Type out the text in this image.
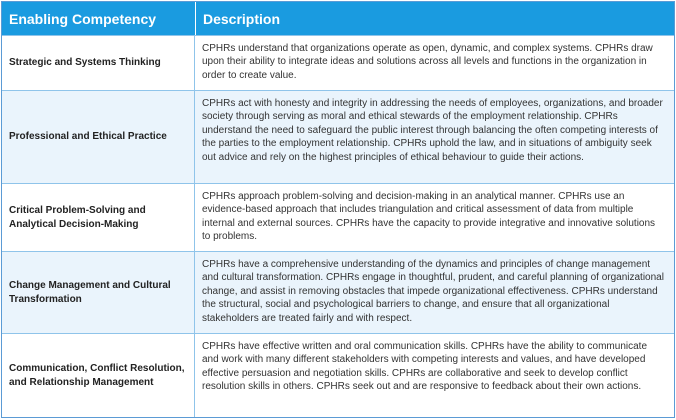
Enabling Competency	Description
Strategic and Systems Thinking
CPHRs understand that organizations operate as open, dynamic, and complex systems. CPHRs draw upon their ability to integrate ideas and solutions across all levels and functions in the organization in order to create value.
Professional and Ethical Practice
CPHRs act with honesty and integrity in addressing the needs of employees, organizations, and broader society through serving as moral and ethical stewards of the employment relationship. CPHRs understand the need to safeguard the public interest through balancing the often competing interests of the parties to the employment relationship. CPHRs uphold the law, and in situations of ambiguity seek out advice and rely on the highest principles of ethical behaviour to guide their actions.
Critical Problem-Solving and Analytical Decision-Making
CPHRs approach problem-solving and decision-making in an analytical manner. CPHRs use an evidence-based approach that includes triangulation and critical assessment of data from multiple internal and external sources. CPHRs have the capacity to provide integrative and innovative solutions to problems.
Change Management and Cultural Transformation
CPHRs have a comprehensive understanding of the dynamics and principles of change management and cultural transformation. CPHRs engage in thoughtful, prudent, and careful planning of organizational change, and assist in removing obstacles that impede organizational effectiveness. CPHRs understand the structural, social and psychological barriers to change, and ensure that all organizational stakeholders are treated fairly and with respect.
Communication, Conflict Resolution, and Relationship Management
CPHRs have effective written and oral communication skills. CPHRs have the ability to communicate and work with many different stakeholders with competing interests and values, and have developed effective persuasion and negotiation skills. CPHRs are collaborative and seek to develop conflict resolution skills in others. CPHRs seek out and are responsive to feedback about their own actions.
